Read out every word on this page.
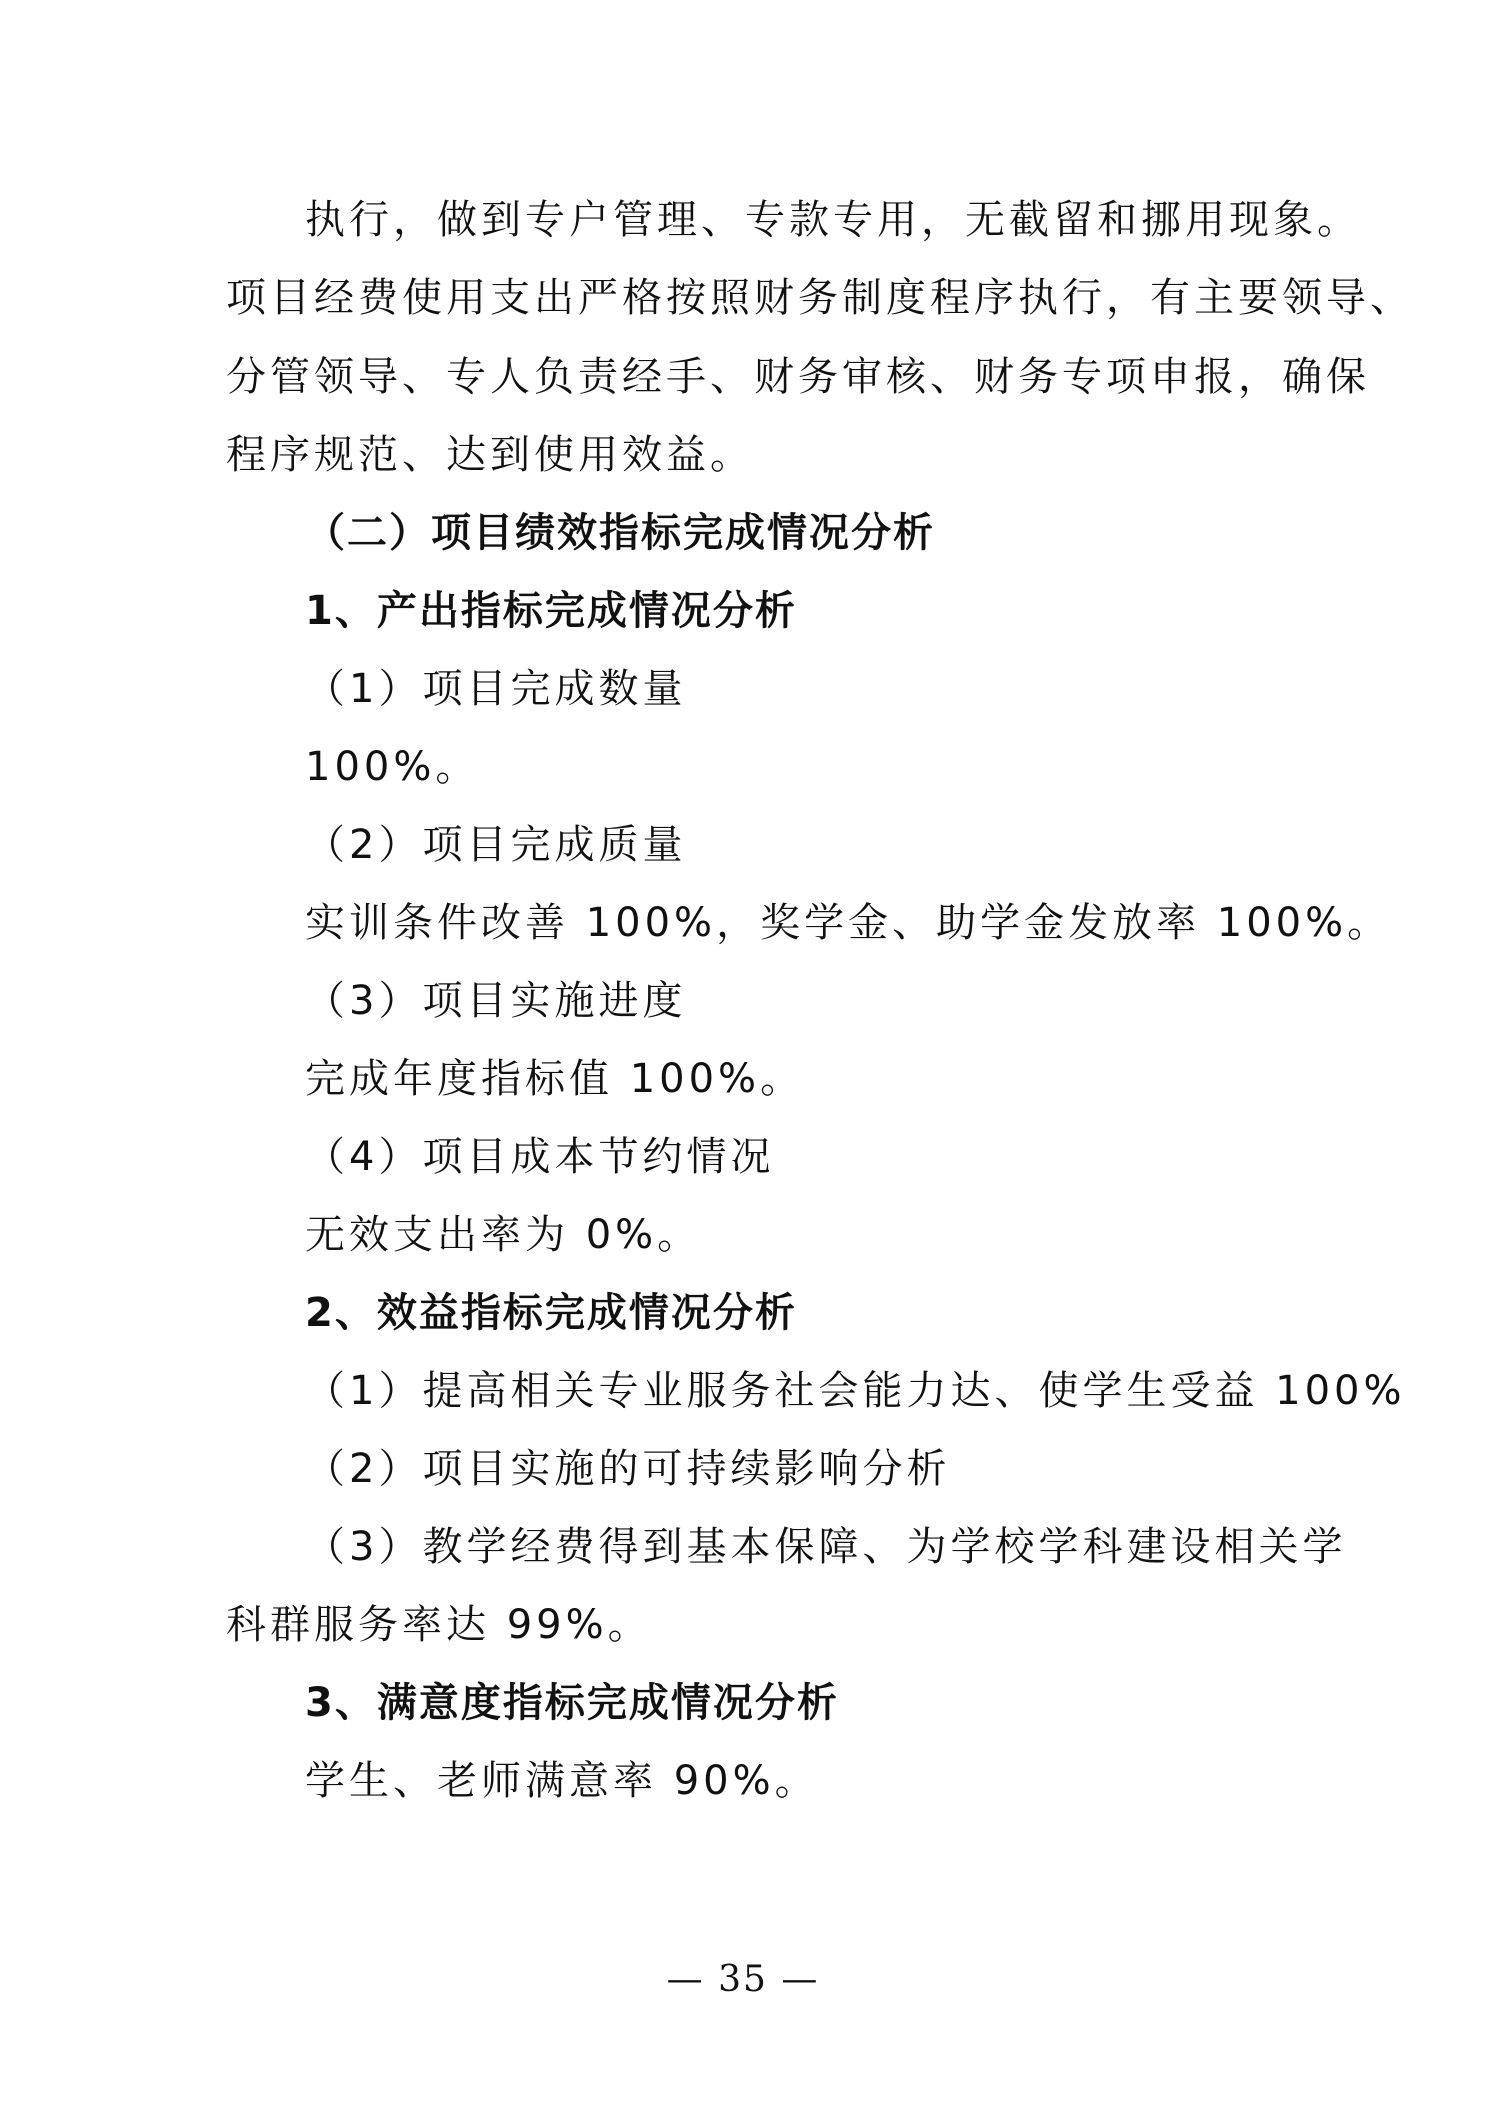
执行，做到专户管理、专款专用，无截留和挪用现象。
项目经费使用支出严格按照财务制度程序执行，有主要领导、
分管领导、专人负责经手、财务审核、财务专项申报，确保
程序规范、达到使用效益。
（二）项目绩效指标完成情况分析
1、产出指标完成情况分析
（1）项目完成数量
100%。
（2）项目完成质量
实训条件改善 100%，奖学金、助学金发放率 100%。
（3）项目实施进度
完成年度指标值 100%。
（4）项目成本节约情况
无效支出率为 0%。
2、效益指标完成情况分析
（1）提高相关专业服务社会能力达、使学生受益 100%
（2）项目实施的可持续影响分析
（3）教学经费得到基本保障、为学校学科建设相关学
科群服务率达 99%。
3、满意度指标完成情况分析
学生、老师满意率 90%。
— 35 —
